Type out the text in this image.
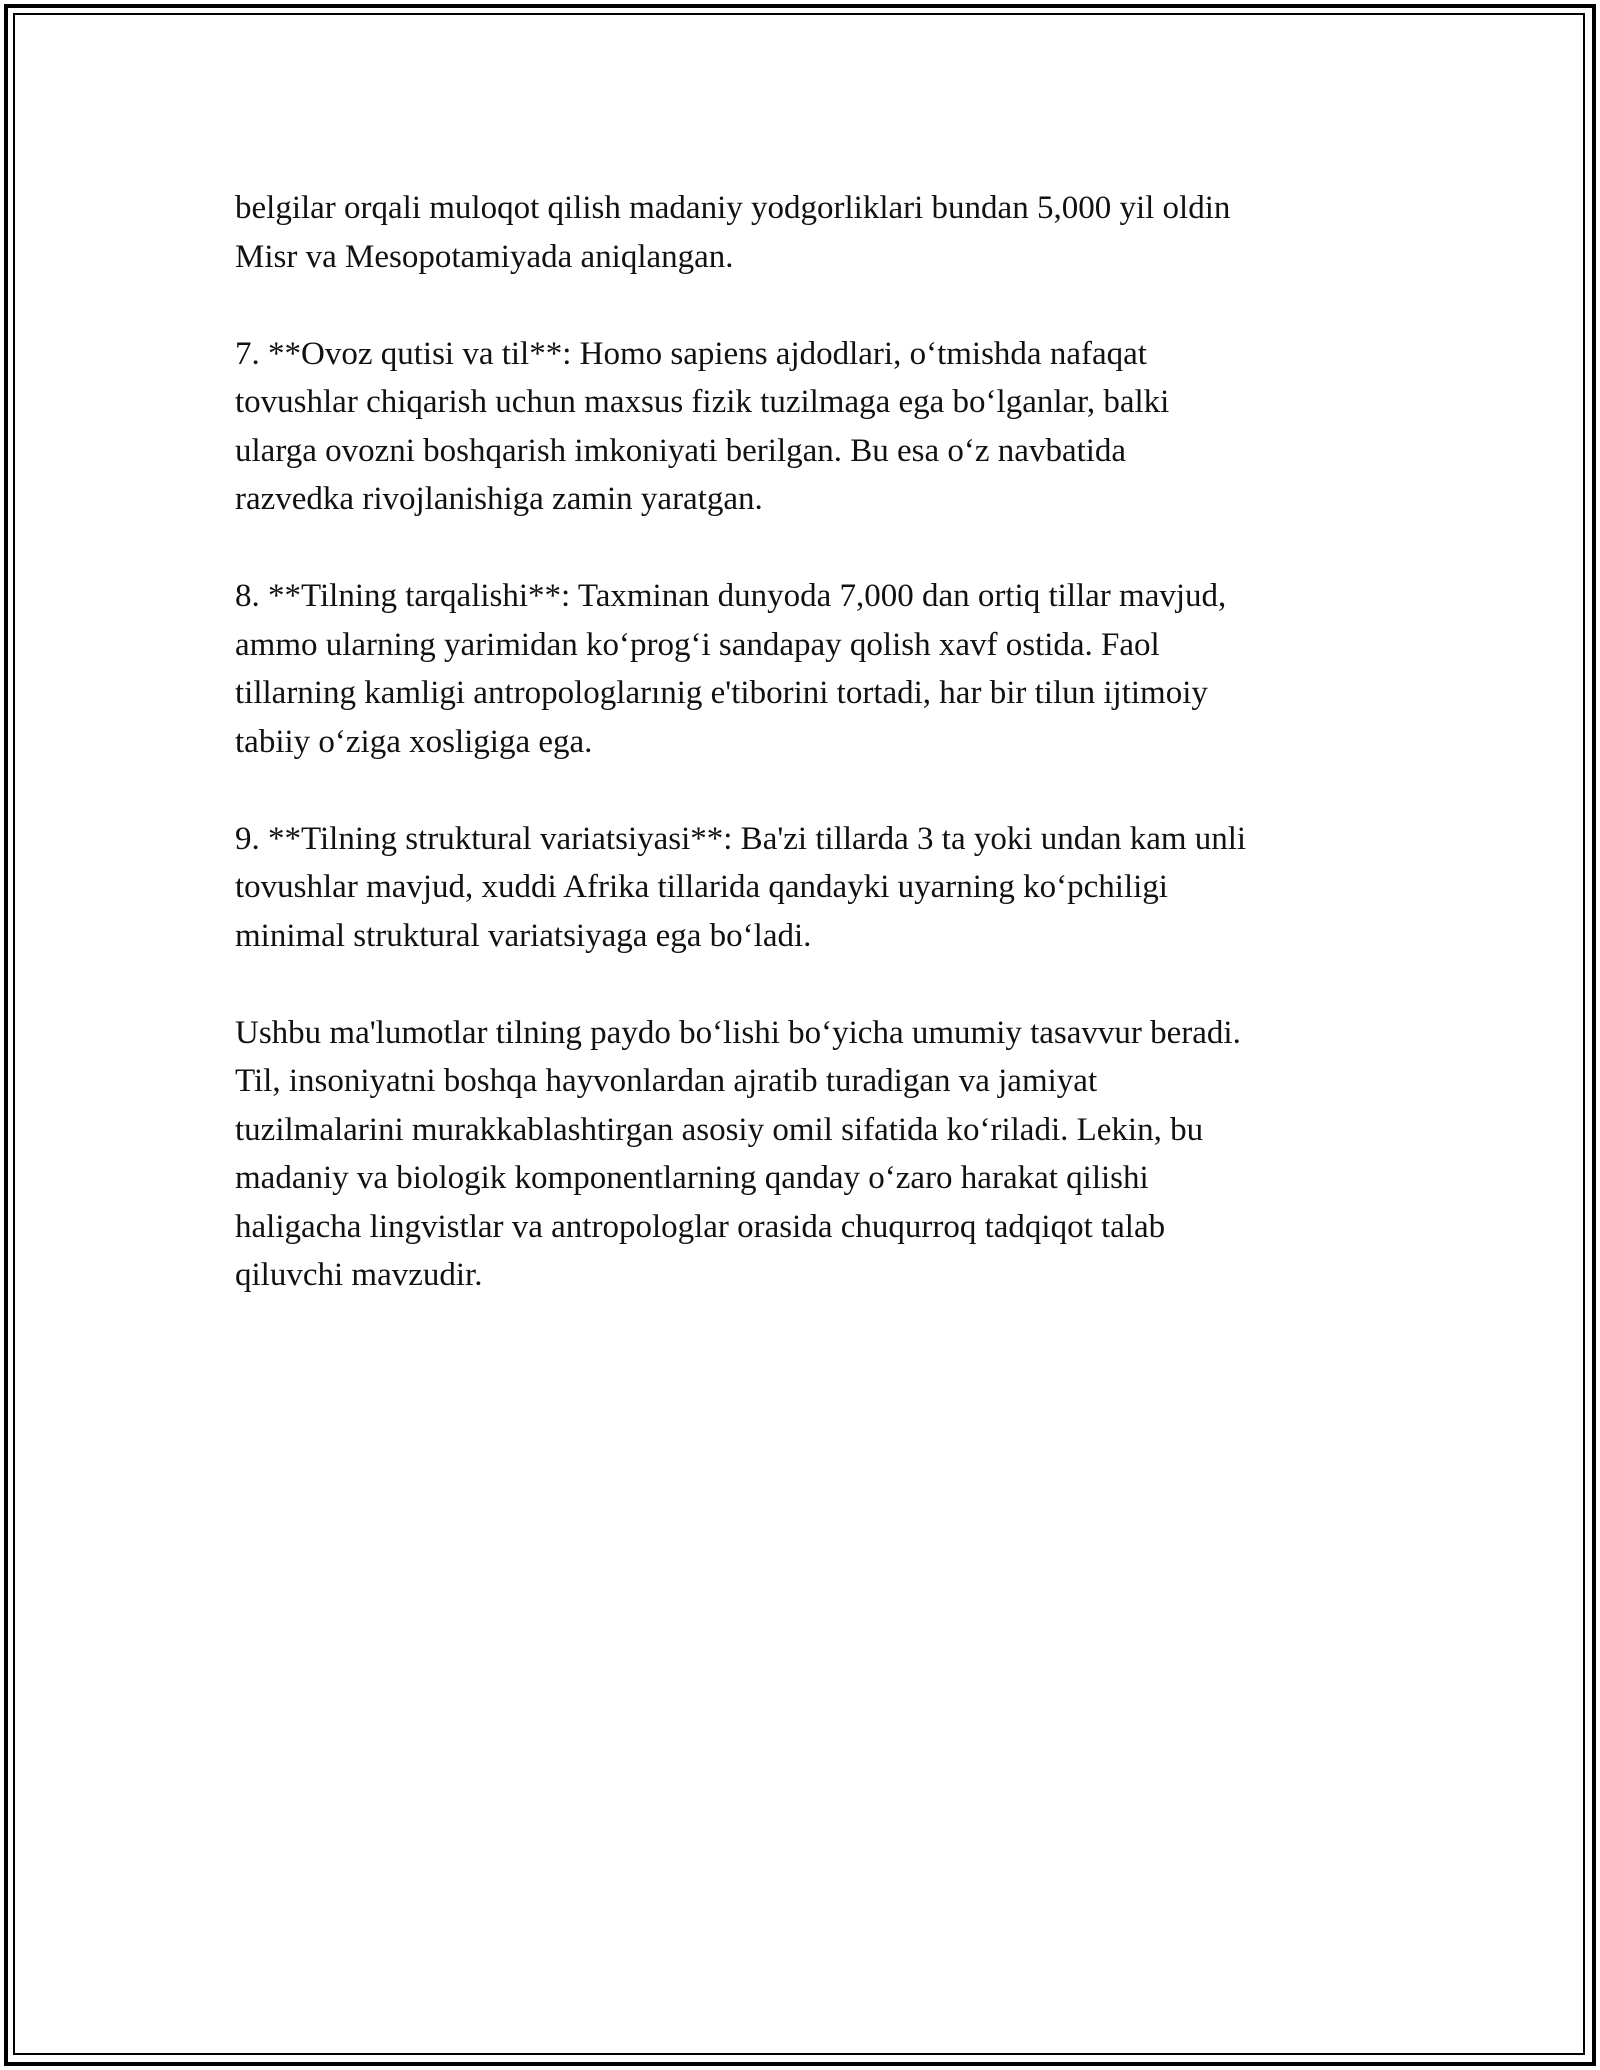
belgilar orqali muloqot qilish madaniy yodgorliklari bundan 5,000 yil oldin
Misr va Mesopotamiyada aniqlangan.

7. **Ovoz qutisi va til**: Homo sapiens ajdodlari, o‘tmishda nafaqat
tovushlar chiqarish uchun maxsus fizik tuzilmaga ega bo‘lganlar, balki
ularga ovozni boshqarish imkoniyati berilgan. Bu esa o‘z navbatida
razvedka rivojlanishiga zamin yaratgan.

8. **Tilning tarqalishi**: Taxminan dunyoda 7,000 dan ortiq tillar mavjud,
ammo ularning yarimidan ko‘prog‘i sandapay qolish xavf ostida. Faol
tillarning kamligi antropologlarınig e'tiborini tortadi, har bir tilun ijtimoiy
tabiiy o‘ziga xosligiga ega.

9. **Tilning struktural variatsiyasi**: Ba'zi tillarda 3 ta yoki undan kam unli
tovushlar mavjud, xuddi Afrika tillarida qandayki uyarning ko‘pchiligi
minimal struktural variatsiyaga ega bo‘ladi.

Ushbu ma'lumotlar tilning paydo bo‘lishi bo‘yicha umumiy tasavvur beradi.
Til, insoniyatni boshqa hayvonlardan ajratib turadigan va jamiyat
tuzilmalarini murakkablashtirgan asosiy omil sifatida ko‘riladi. Lekin, bu
madaniy va biologik komponentlarning qanday o‘zaro harakat qilishi
haligacha lingvistlar va antropologlar orasida chuqurroq tadqiqot talab
qiluvchi mavzudir.
